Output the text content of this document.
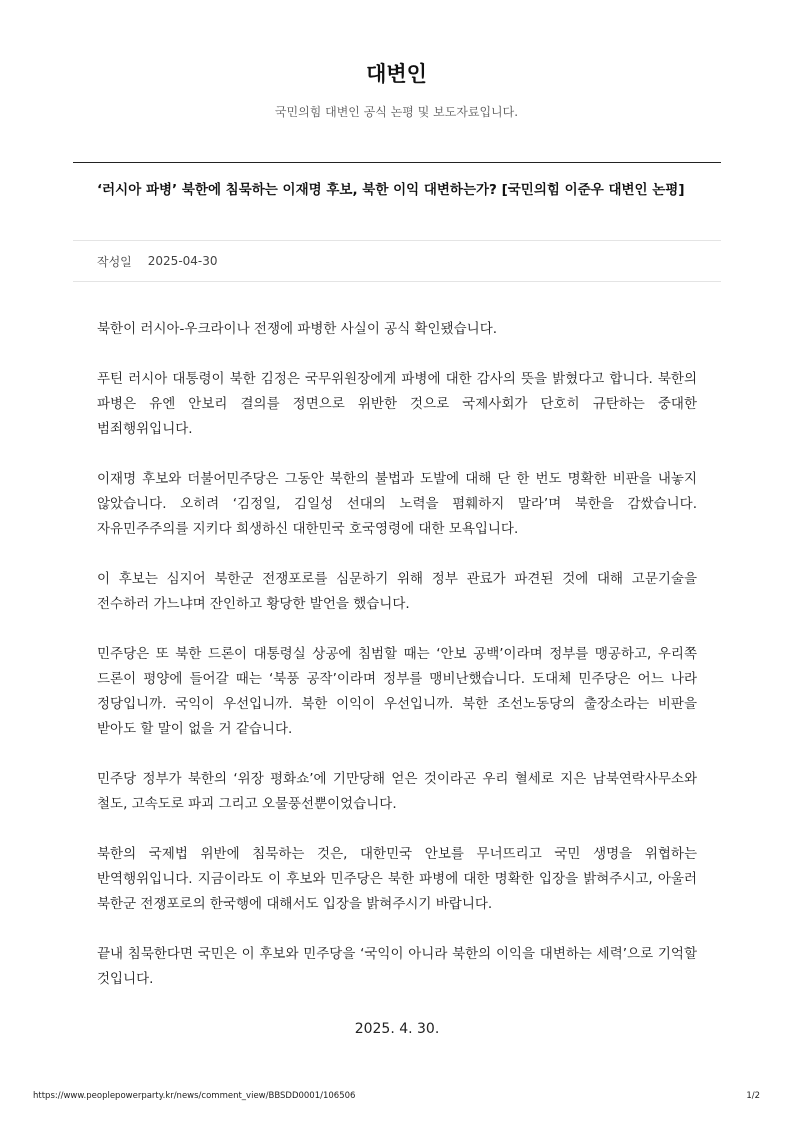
대변인
국민의힘 대변인 공식 논평 및 보도자료입니다.
‘러시아 파병’ 북한에 침묵하는 이재명 후보, 북한 이익 대변하는가? [국민의힘 이준우 대변인 논평]
작성일 2025-04-30

북한이 러시아-우크라이나 전쟁에 파병한 사실이 공식 확인됐습니다.

푸틴 러시아 대통령이 북한 김정은 국무위원장에게 파병에 대한 감사의 뜻을 밝혔다고 합니다. 북한의 파병은 유엔 안보리 결의를 정면으로 위반한 것으로 국제사회가 단호히 규탄하는 중대한 범죄행위입니다.

이재명 후보와 더불어민주당은 그동안 북한의 불법과 도발에 대해 단 한 번도 명확한 비판을 내놓지 않았습니다. 오히려 ‘김정일, 김일성 선대의 노력을 폄훼하지 말라’며 북한을 감쌌습니다. 자유민주주의를 지키다 희생하신 대한민국 호국영령에 대한 모욕입니다.

이 후보는 심지어 북한군 전쟁포로를 심문하기 위해 정부 관료가 파견된 것에 대해 고문기술을 전수하러 가느냐며 잔인하고 황당한 발언을 했습니다.

민주당은 또 북한 드론이 대통령실 상공에 침범할 때는 ‘안보 공백’이라며 정부를 맹공하고, 우리쪽 드론이 평양에 들어갈 때는 ‘북풍 공작’이라며 정부를 맹비난했습니다. 도대체 민주당은 어느 나라 정당입니까. 국익이 우선입니까. 북한 이익이 우선입니까. 북한 조선노동당의 출장소라는 비판을 받아도 할 말이 없을 거 같습니다.

민주당 정부가 북한의 ‘위장 평화쇼’에 기만당해 얻은 것이라곤 우리 혈세로 지은 남북연락사무소와 철도, 고속도로 파괴 그리고 오물풍선뿐이었습니다.

북한의 국제법 위반에 침묵하는 것은, 대한민국 안보를 무너뜨리고 국민 생명을 위협하는 반역행위입니다. 지금이라도 이 후보와 민주당은 북한 파병에 대한 명확한 입장을 밝혀주시고, 아울러 북한군 전쟁포로의 한국행에 대해서도 입장을 밝혀주시기 바랍니다.

끝내 침묵한다면 국민은 이 후보와 민주당을 ‘국익이 아니라 북한의 이익을 대변하는 세력’으로 기억할 것입니다.

2025. 4. 30.
https://www.peoplepowerparty.kr/news/comment_view/BBSDD0001/106506	1/2
